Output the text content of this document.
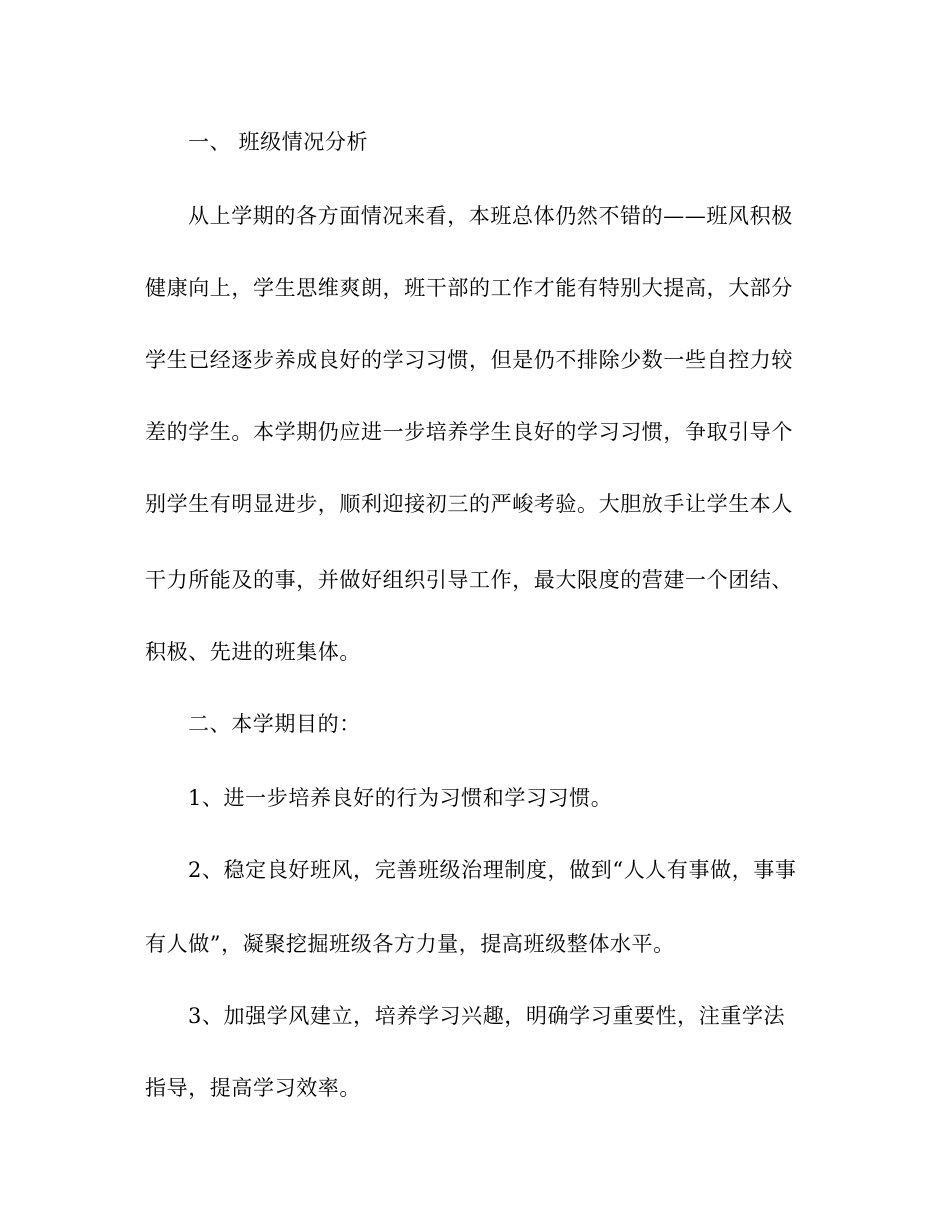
一、 班级情况分析
从上学期的各方面情况来看，本班总体仍然不错的——班风积极
健康向上，学生思维爽朗，班干部的工作才能有特别大提高，大部分
学生已经逐步养成良好的学习习惯，但是仍不排除少数一些自控力较
差的学生。本学期仍应进一步培养学生良好的学习习惯，争取引导个
别学生有明显进步，顺利迎接初三的严峻考验。大胆放手让学生本人
干力所能及的事，并做好组织引导工作，最大限度的营建一个团结、
积极、先进的班集体。
二、本学期目的：
1、进一步培养良好的行为习惯和学习习惯。
2、稳定良好班风，完善班级治理制度，做到“人人有事做，事事
有人做”，凝聚挖掘班级各方力量，提高班级整体水平。
3、加强学风建立，培养学习兴趣，明确学习重要性，注重学法
指导，提高学习效率。
